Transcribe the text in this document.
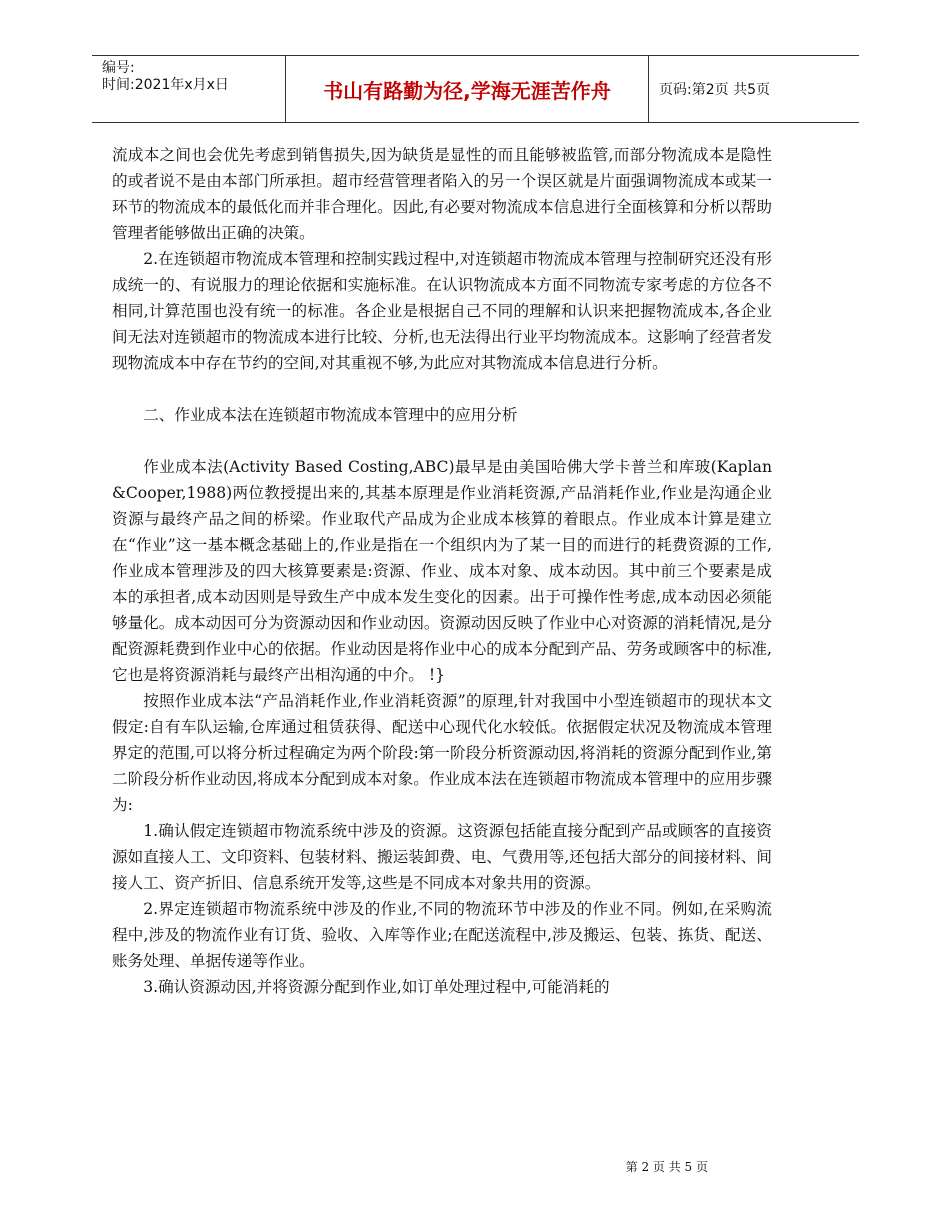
编号:
时间:2021年x月x日	书山有路勤为径,学海无涯苦作舟	页码:第2页 共5页

流成本之间也会优先考虑到销售损失,因为缺货是显性的而且能够被监管,而部分物流成本是隐性的或者说不是由本部门所承担。超市经营管理者陷入的另一个误区就是片面强调物流成本或某一环节的物流成本的最低化而并非合理化。因此,有必要对物流成本信息进行全面核算和分析以帮助管理者能够做出正确的决策。

2.在连锁超市物流成本管理和控制实践过程中,对连锁超市物流成本管理与控制研究还没有形成统一的、有说服力的理论依据和实施标准。在认识物流成本方面不同物流专家考虑的方位各不相同,计算范围也没有统一的标准。各企业是根据自己不同的理解和认识来把握物流成本,各企业间无法对连锁超市的物流成本进行比较、分析,也无法得出行业平均物流成本。这影响了经营者发现物流成本中存在节约的空间,对其重视不够,为此应对其物流成本信息进行分析。

二、作业成本法在连锁超市物流成本管理中的应用分析

作业成本法(Activity Based Costing,ABC)最早是由美国哈佛大学卡普兰和库玻(Kaplan &Cooper,1988)两位教授提出来的,其基本原理是作业消耗资源,产品消耗作业,作业是沟通企业资源与最终产品之间的桥梁。作业取代产品成为企业成本核算的着眼点。作业成本计算是建立在“作业”这一基本概念基础上的,作业是指在一个组织内为了某一目的而进行的耗费资源的工作,作业成本管理涉及的四大核算要素是:资源、作业、成本对象、成本动因。其中前三个要素是成本的承担者,成本动因则是导致生产中成本发生变化的因素。出于可操作性考虑,成本动因必须能够量化。成本动因可分为资源动因和作业动因。资源动因反映了作业中心对资源的消耗情况,是分配资源耗费到作业中心的依据。作业动因是将作业中心的成本分配到产品、劳务或顾客中的标准,它也是将资源消耗与最终产出相沟通的中介。 !}

按照作业成本法“产品消耗作业,作业消耗资源”的原理,针对我国中小型连锁超市的现状本文假定:自有车队运输,仓库通过租赁获得、配送中心现代化水较低。依据假定状况及物流成本管理界定的范围,可以将分析过程确定为两个阶段:第一阶段分析资源动因,将消耗的资源分配到作业,第二阶段分析作业动因,将成本分配到成本对象。作业成本法在连锁超市物流成本管理中的应用步骤为:

1.确认假定连锁超市物流系统中涉及的资源。这资源包括能直接分配到产品或顾客的直接资源如直接人工、文印资料、包装材料、搬运装卸费、电、气费用等,还包括大部分的间接材料、间接人工、资产折旧、信息系统开发等,这些是不同成本对象共用的资源。

2.界定连锁超市物流系统中涉及的作业,不同的物流环节中涉及的作业不同。例如,在采购流程中,涉及的物流作业有订货、验收、入库等作业;在配送流程中,涉及搬运、包装、拣货、配送、账务处理、单据传递等作业。

3.确认资源动因,并将资源分配到作业,如订单处理过程中,可能消耗的

第 2 页 共 5 页
